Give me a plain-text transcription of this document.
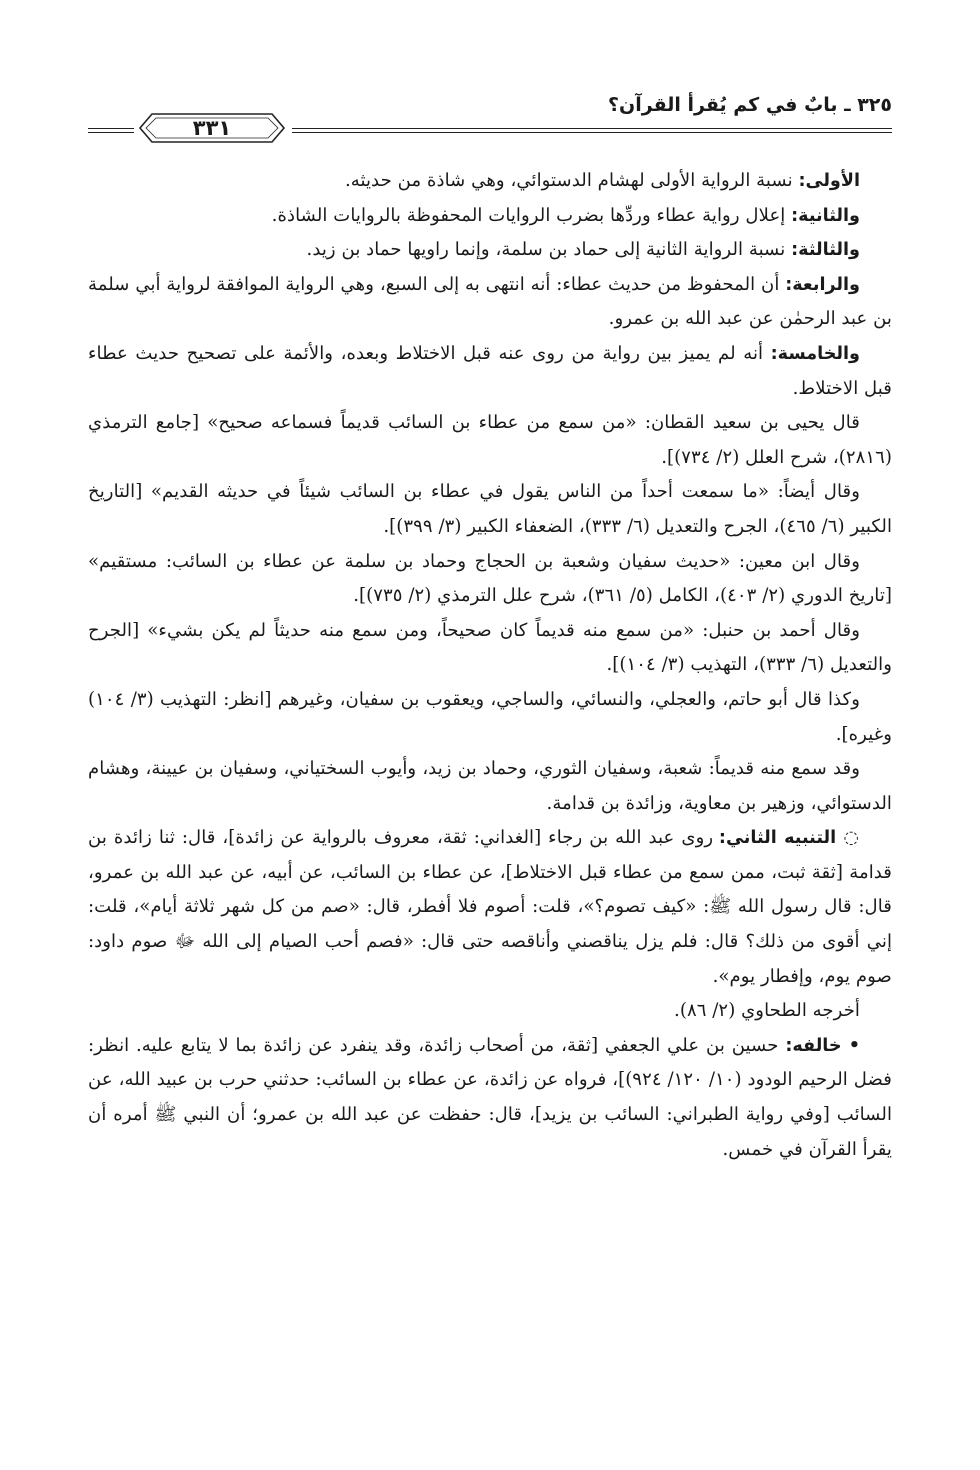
٣٢٥ ـ بابٌ في كم يُقرأ القرآن؟
٣٣١

الأولى: نسبة الرواية الأولى لهشام الدستوائي، وهي شاذة من حديثه.

والثانية: إعلال رواية عطاء وردِّها بضرب الروايات المحفوظة بالروايات الشاذة.

والثالثة: نسبة الرواية الثانية إلى حماد بن سلمة، وإنما راويها حماد بن زيد.

والرابعة: أن المحفوظ من حديث عطاء: أنه انتهى به إلى السبع، وهي الرواية الموافقة لرواية أبي سلمة بن عبد الرحمٰن عن عبد الله بن عمرو.

والخامسة: أنه لم يميز بين رواية من روى عنه قبل الاختلاط وبعده، والأئمة على تصحيح حديث عطاء قبل الاختلاط.

قال يحيى بن سعيد القطان: «من سمع من عطاء بن السائب قديماً فسماعه صحيح» [جامع الترمذي (٢٨١٦)، شرح العلل (٢/ ٧٣٤)].

وقال أيضاً: «ما سمعت أحداً من الناس يقول في عطاء بن السائب شيئاً في حديثه القديم» [التاريخ الكبير (٦/ ٤٦٥)، الجرح والتعديل (٦/ ٣٣٣)، الضعفاء الكبير (٣/ ٣٩٩)].

وقال ابن معين: «حديث سفيان وشعبة بن الحجاج وحماد بن سلمة عن عطاء بن السائب: مستقيم» [تاريخ الدوري (٢/ ٤٠٣)، الكامل (٥/ ٣٦١)، شرح علل الترمذي (٢/ ٧٣٥)].

وقال أحمد بن حنبل: «من سمع منه قديماً كان صحيحاً، ومن سمع منه حديثاً لم يكن بشيء» [الجرح والتعديل (٦/ ٣٣٣)، التهذيب (٣/ ١٠٤)].

وكذا قال أبو حاتم، والعجلي، والنسائي، والساجي، ويعقوب بن سفيان، وغيرهم [انظر: التهذيب (٣/ ١٠٤) وغيره].

وقد سمع منه قديماً: شعبة، وسفيان الثوري، وحماد بن زيد، وأيوب السختياني، وسفيان بن عيينة، وهشام الدستوائي، وزهير بن معاوية، وزائدة بن قدامة.

◌ التنبيه الثاني: روى عبد الله بن رجاء [الغداني: ثقة، معروف بالرواية عن زائدة]، قال: ثنا زائدة بن قدامة [ثقة ثبت، ممن سمع من عطاء قبل الاختلاط]، عن عطاء بن السائب، عن أبيه، عن عبد الله بن عمرو، قال: قال رسول الله ﷺ: «كيف تصوم؟»، قلت: أصوم فلا أفطر، قال: «صم من كل شهر ثلاثة أيام»، قلت: إني أقوى من ذلك؟ قال: فلم يزل يناقصني وأناقصه حتى قال: «فصم أحب الصيام إلى الله ﷻ صوم داود: صوم يوم، وإفطار يوم».

أخرجه الطحاوي (٢/ ٨٦).

• خالفه: حسين بن علي الجعفي [ثقة، من أصحاب زائدة، وقد ينفرد عن زائدة بما لا يتابع عليه. انظر: فضل الرحيم الودود (١٠/ ١٢٠/ ٩٢٤)]، فرواه عن زائدة، عن عطاء بن السائب: حدثني حرب بن عبيد الله، عن السائب [وفي رواية الطبراني: السائب بن يزيد]، قال: حفظت عن عبد الله بن عمرو؛ أن النبي ﷺ أمره أن يقرأ القرآن في خمس.
